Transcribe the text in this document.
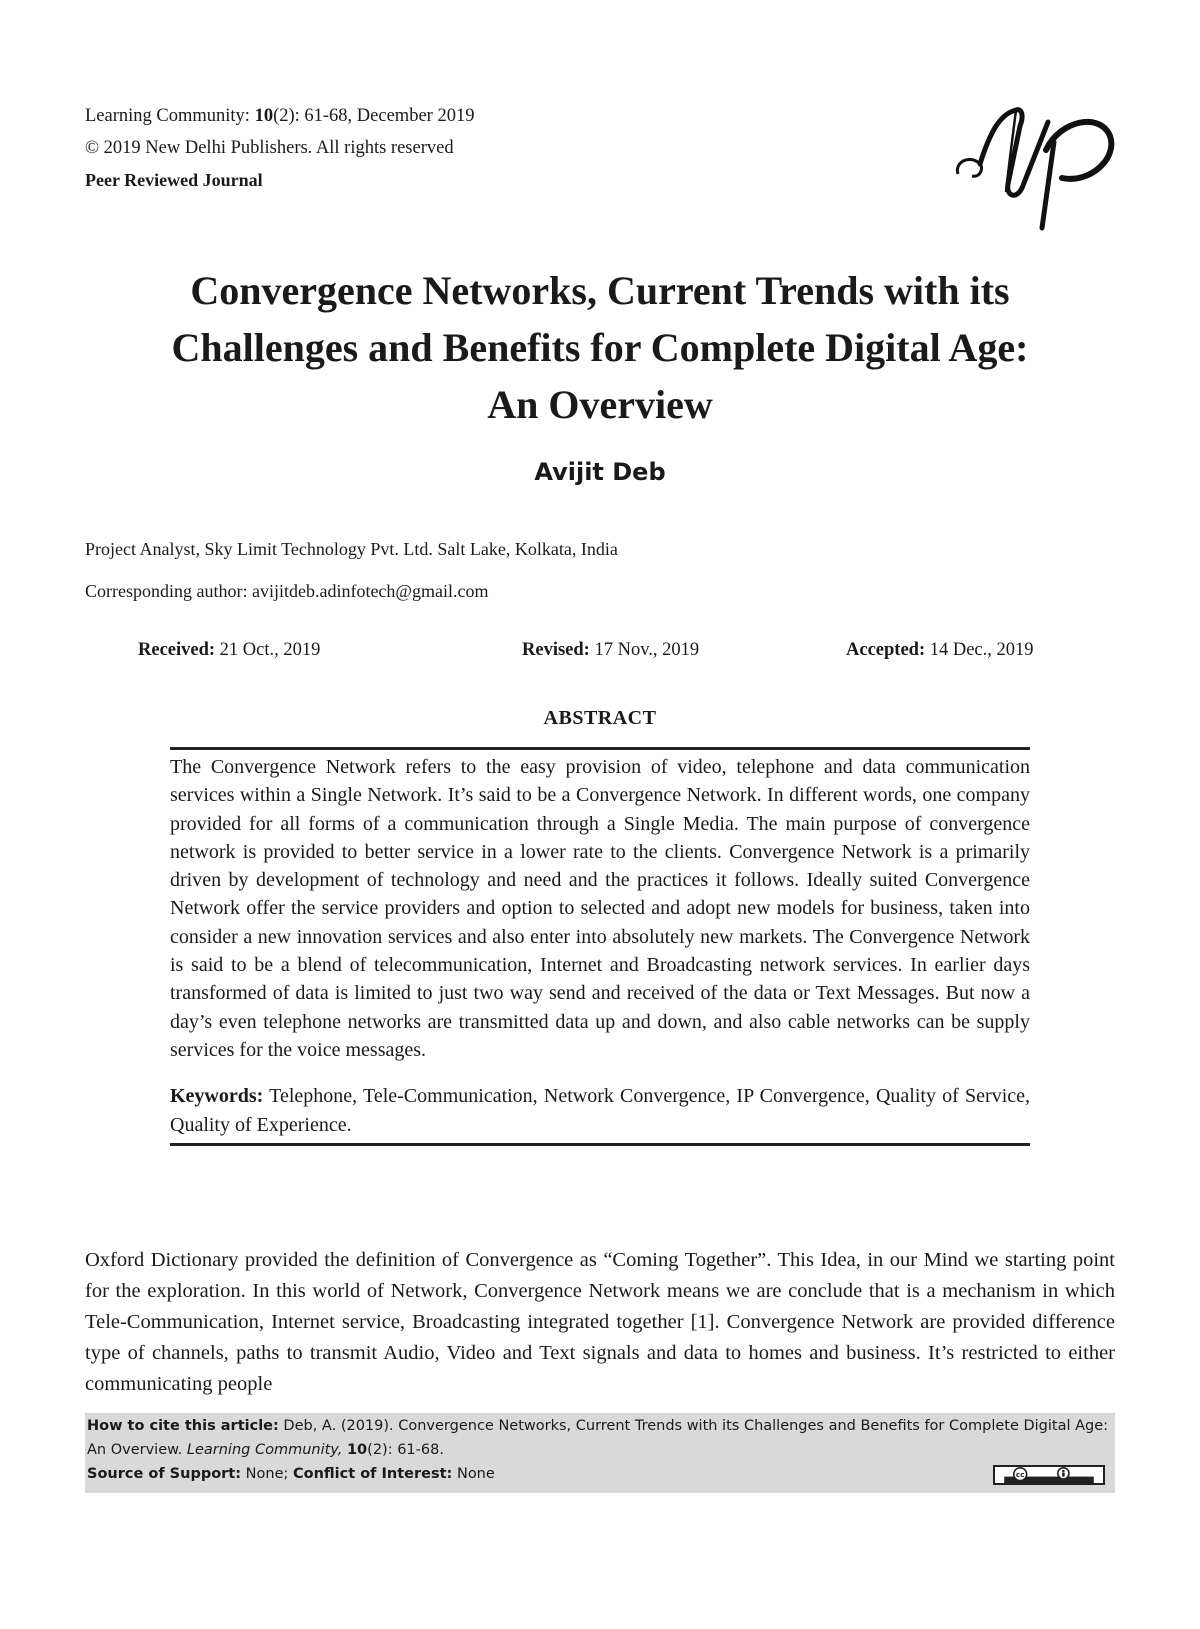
Learning Community: 10(2): 61-68, December 2019
© 2019 New Delhi Publishers. All rights reserved
Peer Reviewed Journal
Convergence Networks, Current Trends with its
Challenges and Benefits for Complete Digital Age:
An Overview
Avijit Deb
Project Analyst, Sky Limit Technology Pvt. Ltd. Salt Lake, Kolkata, India
Corresponding author: avijitdeb.adinfotech@gmail.com
Received: 21 Oct., 2019	Revised: 17 Nov., 2019	Accepted: 14 Dec., 2019
ABSTRACT
The Convergence Network refers to the easy provision of video, telephone and data communication services within a Single Network. It’s said to be a Convergence Network. In different words, one company provided for all forms of a communication through a Single Media. The main purpose of convergence network is provided to better service in a lower rate to the clients. Convergence Network is a primarily driven by development of technology and need and the practices it follows. Ideally suited Convergence Network offer the service providers and option to selected and adopt new models for business, taken into consider a new innovation services and also enter into absolutely new markets. The Convergence Network is said to be a blend of telecommunication, Internet and Broadcasting network services. In earlier days transformed of data is limited to just two way send and received of the data or Text Messages. But now a day’s even telephone networks are transmitted data up and down, and also cable networks can be supply services for the voice messages.
Keywords: Telephone, Tele-Communication, Network Convergence, IP Convergence, Quality of Service, Quality of Experience.
Oxford Dictionary provided the definition of Convergence as “Coming Together”. This Idea, in our Mind we starting point for the exploration. In this world of Network, Convergence Network means we are conclude that is a mechanism in which Tele-Communication, Internet service, Broadcasting integrated together [1]. Convergence Network are provided difference type of channels, paths to transmit Audio, Video and Text signals and data to homes and business. It’s restricted to either communicating people
How to cite this article: Deb, A. (2019). Convergence Networks, Current Trends with its Challenges and Benefits for Complete Digital Age: An Overview. Learning Community, 10(2): 61-68.
Source of Support: None; Conflict of Interest: None	cc
